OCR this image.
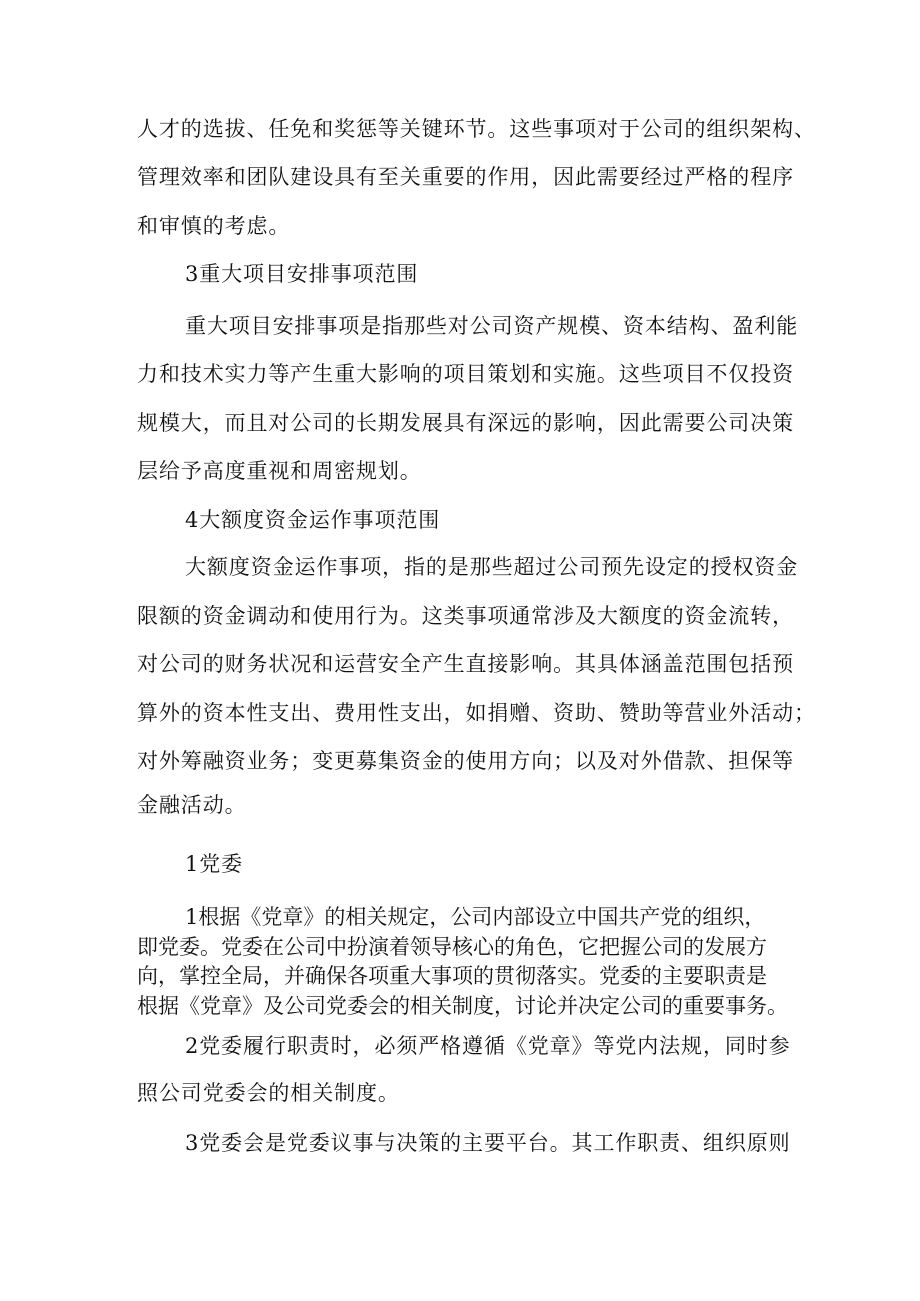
人才的选拔、任免和奖惩等关键环节。这些事项对于公司的组织架构、
管理效率和团队建设具有至关重要的作用，因此需要经过严格的程序
和审慎的考虑。
3重大项目安排事项范围
重大项目安排事项是指那些对公司资产规模、资本结构、盈利能
力和技术实力等产生重大影响的项目策划和实施。这些项目不仅投资
规模大，而且对公司的长期发展具有深远的影响，因此需要公司决策
层给予高度重视和周密规划。
4大额度资金运作事项范围
大额度资金运作事项，指的是那些超过公司预先设定的授权资金
限额的资金调动和使用行为。这类事项通常涉及大额度的资金流转，
对公司的财务状况和运营安全产生直接影响。其具体涵盖范围包括预
算外的资本性支出、费用性支出，如捐赠、资助、赞助等营业外活动；
对外筹融资业务；变更募集资金的使用方向；以及对外借款、担保等
金融活动。
1党委
1根据《党章》的相关规定，公司内部设立中国共产党的组织，
即党委。党委在公司中扮演着领导核心的角色，它把握公司的发展方
向，掌控全局，并确保各项重大事项的贯彻落实。党委的主要职责是
根据《党章》及公司党委会的相关制度，讨论并决定公司的重要事务。
2党委履行职责时，必须严格遵循《党章》等党内法规，同时参
照公司党委会的相关制度。
3党委会是党委议事与决策的主要平台。其工作职责、组织原则
